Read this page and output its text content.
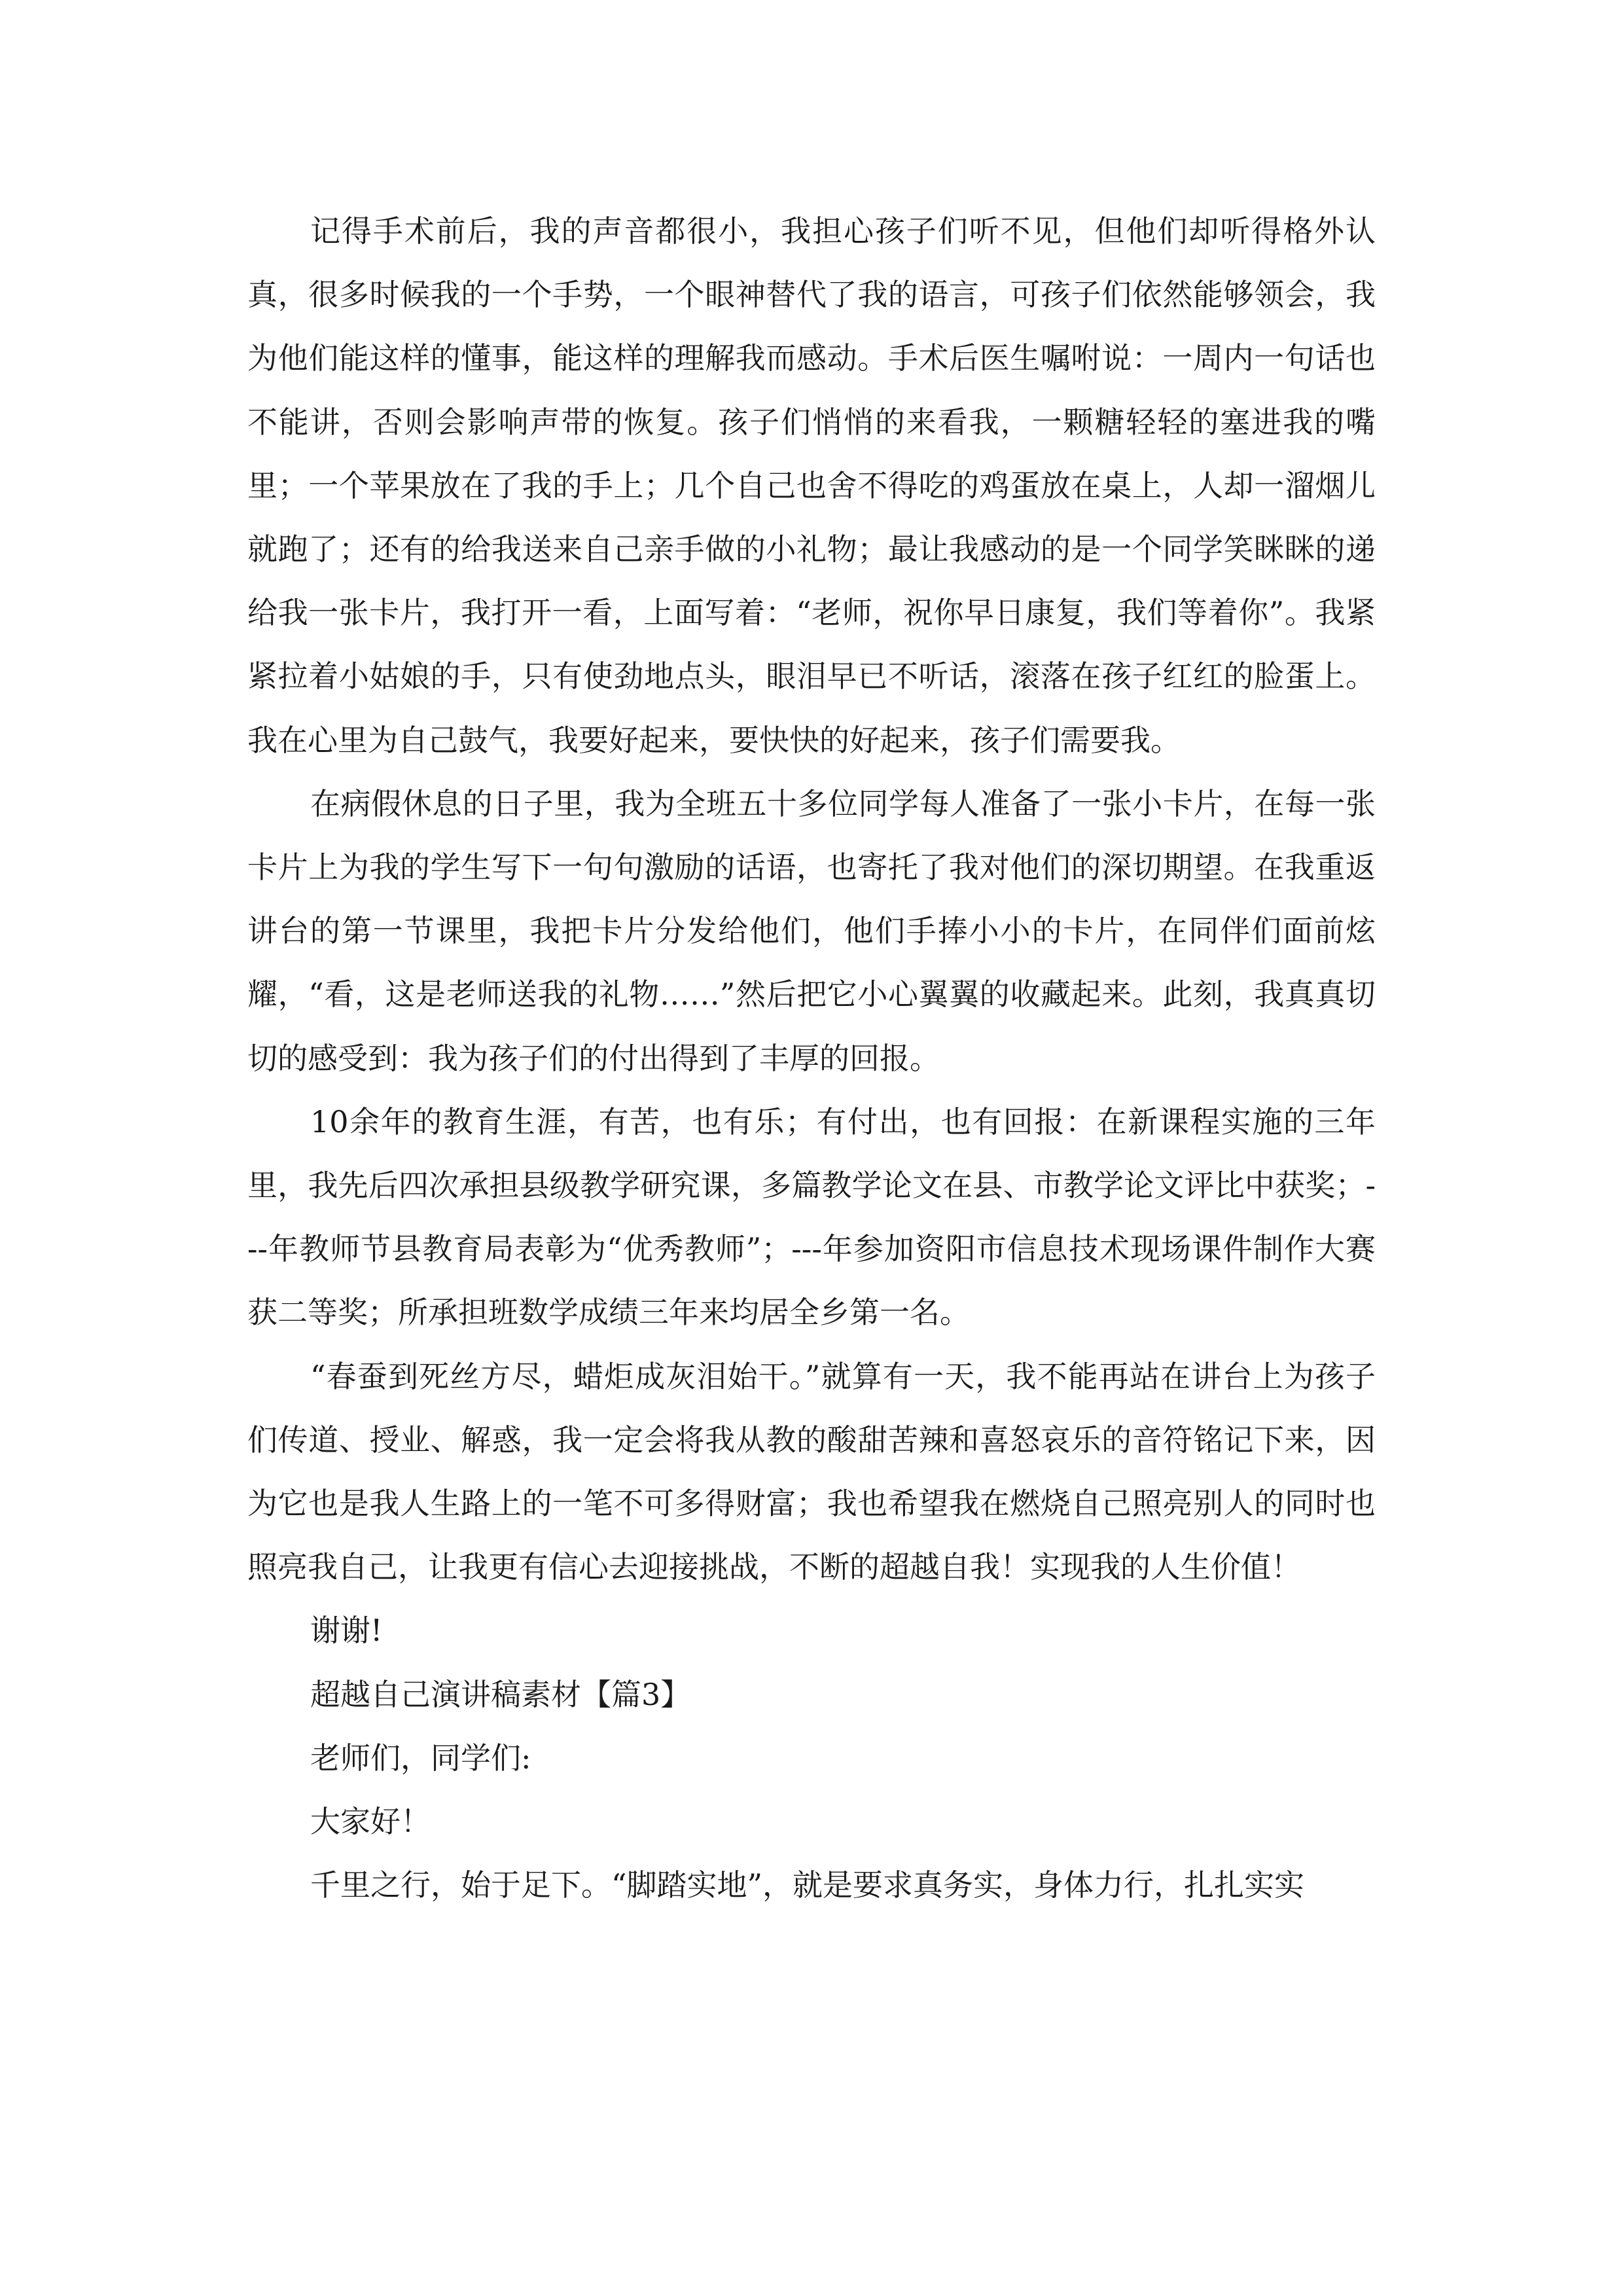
记得手术前后，我的声音都很小，我担心孩子们听不见，但他们却听得格外认真，很多时候我的一个手势，一个眼神替代了我的语言，可孩子们依然能够领会，我为他们能这样的懂事，能这样的理解我而感动。手术后医生嘱咐说：一周内一句话也不能讲，否则会影响声带的恢复。孩子们悄悄的来看我，一颗糖轻轻的塞进我的嘴里；一个苹果放在了我的手上；几个自己也舍不得吃的鸡蛋放在桌上，人却一溜烟儿就跑了；还有的给我送来自己亲手做的小礼物；最让我感动的是一个同学笑眯眯的递给我一张卡片，我打开一看，上面写着：“老师，祝你早日康复，我们等着你”。我紧紧拉着小姑娘的手，只有使劲地点头，眼泪早已不听话，滚落在孩子红红的脸蛋上。我在心里为自己鼓气，我要好起来，要快快的好起来，孩子们需要我。

在病假休息的日子里，我为全班五十多位同学每人准备了一张小卡片，在每一张卡片上为我的学生写下一句句激励的话语，也寄托了我对他们的深切期望。在我重返讲台的第一节课里，我把卡片分发给他们，他们手捧小小的卡片，在同伴们面前炫耀，“看，这是老师送我的礼物……”然后把它小心翼翼的收藏起来。此刻，我真真切切的感受到：我为孩子们的付出得到了丰厚的回报。

10余年的教育生涯，有苦，也有乐；有付出，也有回报：在新课程实施的三年里，我先后四次承担县级教学研究课，多篇教学论文在县、市教学论文评比中获奖；---年教师节县教育局表彰为“优秀教师”；---年参加资阳市信息技术现场课件制作大赛获二等奖；所承担班数学成绩三年来均居全乡第一名。

“春蚕到死丝方尽，蜡炬成灰泪始干。”就算有一天，我不能再站在讲台上为孩子们传道、授业、解惑，我一定会将我从教的酸甜苦辣和喜怒哀乐的音符铭记下来，因为它也是我人生路上的一笔不可多得财富；我也希望我在燃烧自己照亮别人的同时也照亮我自己，让我更有信心去迎接挑战，不断的超越自我！实现我的人生价值！

谢谢!

超越自己演讲稿素材【篇3】

老师们，同学们:

大家好！

千里之行，始于足下。“脚踏实地”，就是要求真务实，身体力行，扎扎实实
